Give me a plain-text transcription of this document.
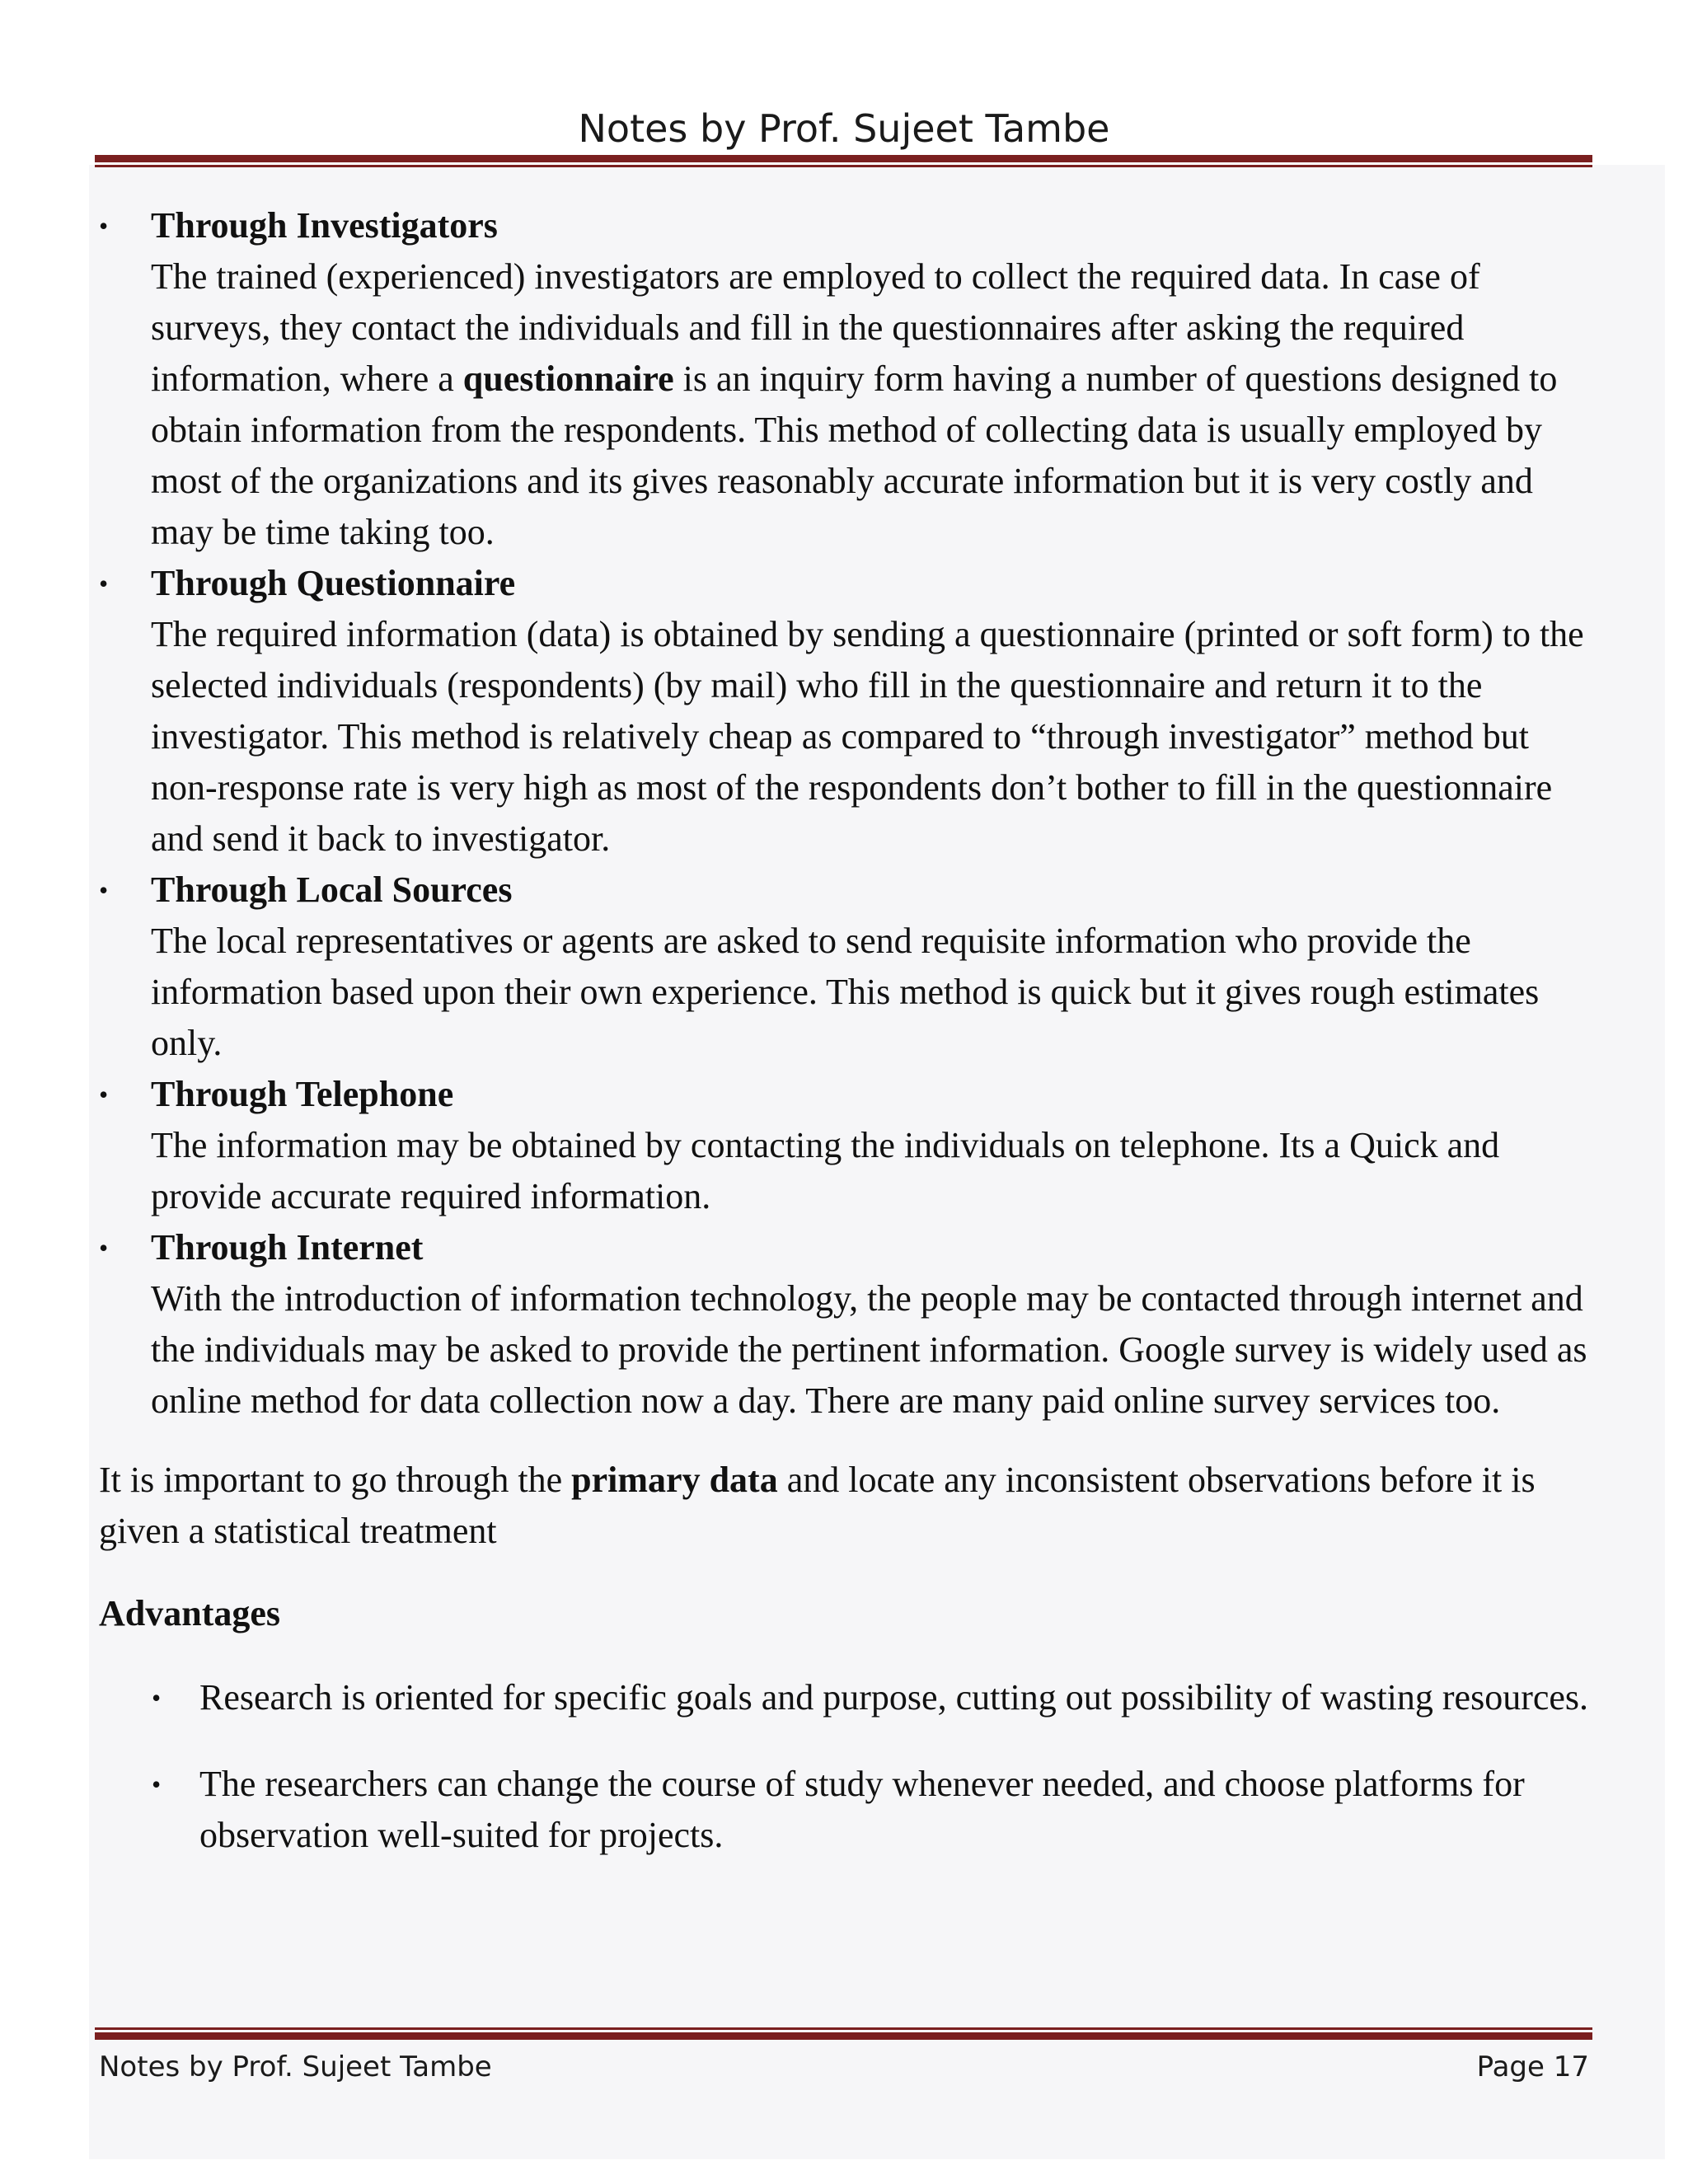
Notes by Prof. Sujeet Tambe
• Through Investigators
The trained (experienced) investigators are employed to collect the required data. In case of surveys, they contact the individuals and fill in the questionnaires after asking the required information, where a questionnaire is an inquiry form having a number of questions designed to obtain information from the respondents. This method of collecting data is usually employed by most of the organizations and its gives reasonably accurate information but it is very costly and may be time taking too.
• Through Questionnaire
The required information (data) is obtained by sending a questionnaire (printed or soft form) to the selected individuals (respondents) (by mail) who fill in the questionnaire and return it to the investigator. This method is relatively cheap as compared to “through investigator” method but non-response rate is very high as most of the respondents don’t bother to fill in the questionnaire and send it back to investigator.
• Through Local Sources
The local representatives or agents are asked to send requisite information who provide the information based upon their own experience. This method is quick but it gives rough estimates only.
• Through Telephone
The information may be obtained by contacting the individuals on telephone. Its a Quick and provide accurate required information.
• Through Internet
With the introduction of information technology, the people may be contacted through internet and the individuals may be asked to provide the pertinent information. Google survey is widely used as online method for data collection now a day. There are many paid online survey services too.

It is important to go through the primary data and locate any inconsistent observations before it is given a statistical treatment

Advantages
• Research is oriented for specific goals and purpose, cutting out possibility of wasting resources.
• The researchers can change the course of study whenever needed, and choose platforms for observation well-suited for projects.
Notes by Prof. Sujeet Tambe	Page 17
